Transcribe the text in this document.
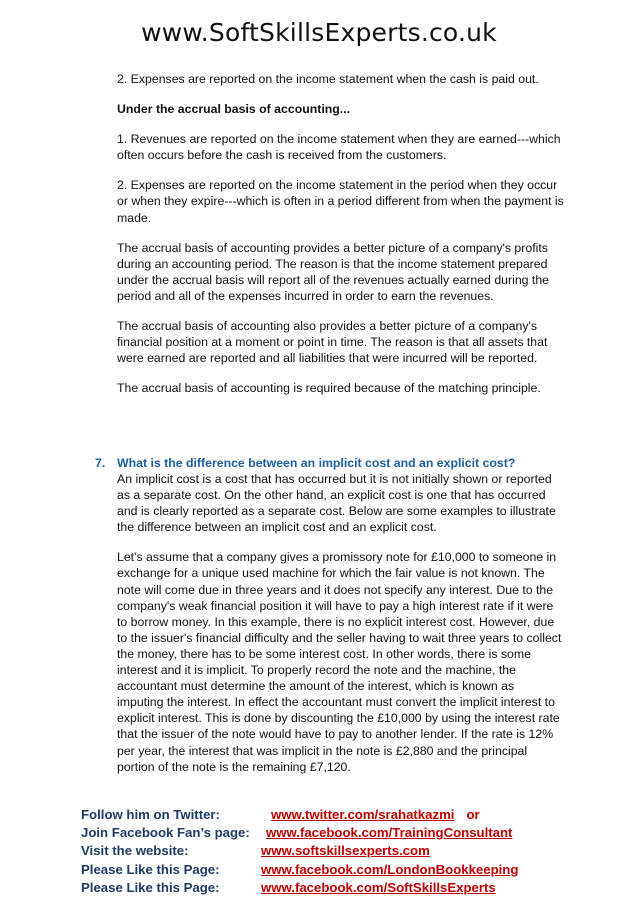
www.SoftSkillsExperts.co.uk

2. Expenses are reported on the income statement when the cash is paid out.

Under the accrual basis of accounting...

1. Revenues are reported on the income statement when they are earned---which often occurs before the cash is received from the customers.

2. Expenses are reported on the income statement in the period when they occur or when they expire---which is often in a period different from when the payment is made.

The accrual basis of accounting provides a better picture of a company's profits during an accounting period. The reason is that the income statement prepared under the accrual basis will report all of the revenues actually earned during the period and all of the expenses incurred in order to earn the revenues.

The accrual basis of accounting also provides a better picture of a company's financial position at a moment or point in time. The reason is that all assets that were earned are reported and all liabilities that were incurred will be reported.

The accrual basis of accounting is required because of the matching principle.

7. What is the difference between an implicit cost and an explicit cost?

An implicit cost is a cost that has occurred but it is not initially shown or reported as a separate cost. On the other hand, an explicit cost is one that has occurred and is clearly reported as a separate cost. Below are some examples to illustrate the difference between an implicit cost and an explicit cost.

Let's assume that a company gives a promissory note for £10,000 to someone in exchange for a unique used machine for which the fair value is not known. The note will come due in three years and it does not specify any interest. Due to the company's weak financial position it will have to pay a high interest rate if it were to borrow money. In this example, there is no explicit interest cost. However, due to the issuer's financial difficulty and the seller having to wait three years to collect the money, there has to be some interest cost. In other words, there is some interest and it is implicit. To properly record the note and the machine, the accountant must determine the amount of the interest, which is known as imputing the interest. In effect the accountant must convert the implicit interest to explicit interest. This is done by discounting the £10,000 by using the interest rate that the issuer of the note would have to pay to another lender. If the rate is 12% per year, the interest that was implicit in the note is £2,880 and the principal portion of the note is the remaining £7,120.

Follow him on Twitter:	www.twitter.com/srahatkazmi or
Join Facebook Fan’s page: www.facebook.com/TrainingConsultant
Visit the website:	www.softskillsexperts.com
Please Like this Page:	www.facebook.com/LondonBookkeeping
Please Like this Page:	www.facebook.com/SoftSkillsExperts
